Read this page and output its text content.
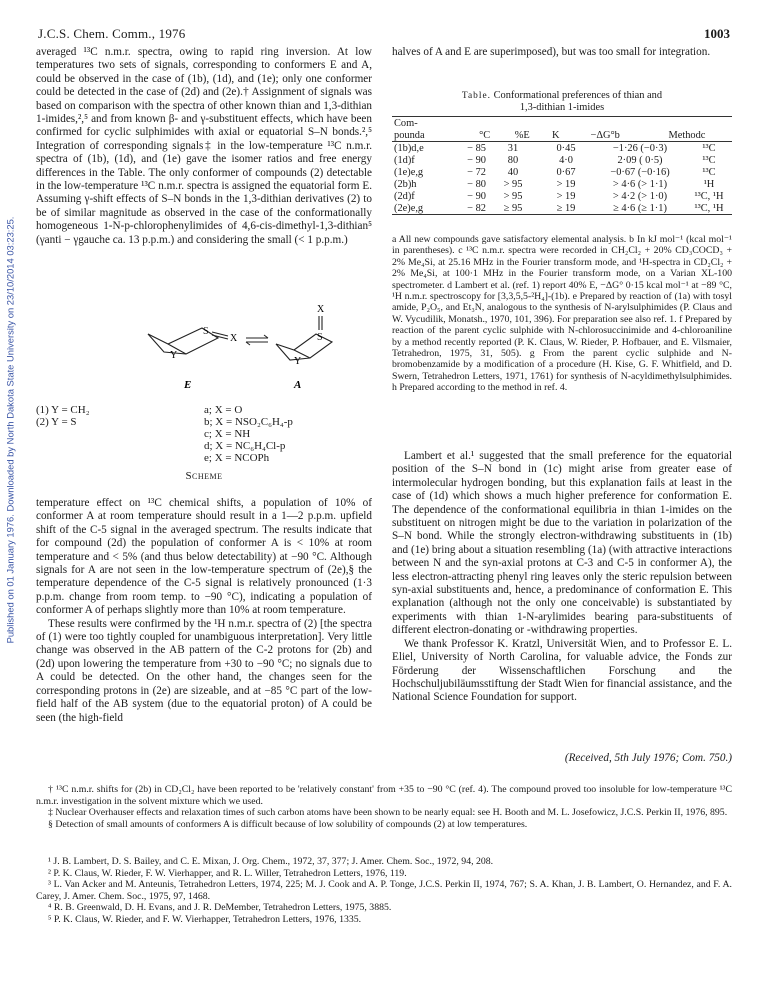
J.C.S. Chem. Comm., 1976	1003
Published on 01 January 1976. Downloaded by North Dakota State University on 23/10/2014 03:23:25.

averaged ¹³C n.m.r. spectra, owing to rapid ring inversion. At low temperatures two sets of signals, corresponding to conformers E and A, could be observed in the case of (1b), (1d), and (1e); only one conformer could be detected in the case of (2d) and (2e).† Assignment of signals was based on comparison with the spectra of other known thian and 1,3-dithian 1-imides,²,⁵ and from known β- and γ-substituent effects, which have been confirmed for cyclic sulphimides with axial or equatorial S–N bonds.²,⁵ Integration of corresponding signals‡ in the low-temperature ¹³C n.m.r. spectra of (1b), (1d), and (1e) gave the isomer ratios and free energy differences in the Table. The only conformer of compounds (2) detectable in the low-temperature ¹³C n.m.r. spectra is assigned the equatorial form E. Assuming γ-shift effects of S–N bonds in the 1,3-dithian derivatives (2) to be of similar magnitude as observed in the case of the conformationally homogeneous 1-N-p-chlorophenylimides of 4,6-cis-dimethyl-1,3-dithian⁵ (γanti − γgauche ca. 13 p.p.m.) and considering the small (< 1 p.p.m.)

Y
S
X
E
X
S
Y
A
(1) Y = CH₂
(2) Y = S
a; X = O
b; X = NSO₂C₆H₄-p
c; X = NH
d; X = NC₆H₄Cl-p
e; X = NCOPh
Scheme

temperature effect on ¹³C chemical shifts, a population of 10% of conformer A at room temperature should result in a 1—2 p.p.m. upfield shift of the C-5 signal in the averaged spectrum. The results indicate that for compound (2d) the population of conformer A is < 10% at room temperature and < 5% (and thus below detectability) at −90 °C. Although signals for A are not seen in the low-temperature spectrum of (2e),§ the temperature dependence of the C-5 signal is relatively pronounced (1·3 p.p.m. change from room temp. to −90 °C), indicating a population of conformer A of perhaps slightly more than 10% at room temperature.

These results were confirmed by the ¹H n.m.r. spectra of (2) [the spectra of (1) were too tightly coupled for unambiguous interpretation]. Very little change was observed in the AB pattern of the C-2 protons for (2b) and (2d) upon lowering the temperature from +30 to −90 °C; no signals due to A could be detected. On the other hand, the changes seen for the corresponding protons in (2e) are sizeable, and at −85 °C part of the low-field half of the AB system (due to the equatorial proton) of A could be seen (the high-field

halves of A and E are superimposed), but was too small for integration.

Table. Conformational preferences of thian and
1,3-dithian 1-imides
Com-					
pounda	°C	%E	K	−ΔG°b	Methodc
(1b)d,e	− 85	31	0·45	−1·26 (−0·3)	¹³C
(1d)f	− 90	80	4·0	2·09 ( 0·5)	¹³C
(1e)e,g	− 72	40	0·67	−0·67 (−0·16)	¹³C
(2b)h	− 80	> 95	> 19	> 4·6 (> 1·1)	¹H
(2d)f	− 90	> 95	> 19	> 4·2 (> 1·0)	¹³C, ¹H
(2e)e,g	− 82	≥ 95	≥ 19	≥ 4·6 (≥ 1·1)	¹³C, ¹H

a All new compounds gave satisfactory elemental analysis. b In kJ mol⁻¹ (kcal mol⁻¹ in parentheses). c ¹³C n.m.r. spectra were recorded in CH₂Cl₂ + 20% CD₃COCD₃ + 2% Me₄Si, at 25.16 MHz in the Fourier transform mode, and ¹H-spectra in CD₂Cl₂ + 2% Me₄Si, at 100·1 MHz in the Fourier transform mode, on a Varian XL-100 spectrometer. d Lambert et al. (ref. 1) report 40% E, −ΔG° 0·15 kcal mol⁻¹ at −89 °C, ¹H n.m.r. spectroscopy for [3,3,5,5-²H₄]-(1b). e Prepared by reaction of (1a) with tosyl amide, P₂O₅, and Et₃N, analogous to the synthesis of N-arylsulphimides (P. Claus and W. Vycudilik, Monatsh., 1970, 101, 396). For preparation see also ref. 1. f Prepared by reaction of the parent cyclic sulphide with N-chlorosuccinimide and 4-chloroaniline by a method recently reported (P. K. Claus, W. Rieder, P. Hofbauer, and E. Vilsmaier, Tetrahedron, 1975, 31, 505). g From the parent cyclic sulphide and N-bromobenzamide by a modification of a procedure (H. Kise, G. F. Whitfield, and D. Swern, Tetrahedron Letters, 1971, 1761) for synthesis of N-acyldimethylsulphimides. h Prepared according to the method in ref. 4.

Lambert et al.¹ suggested that the small preference for the equatorial position of the S–N bond in (1c) might arise from greater ease of intermolecular hydrogen bonding, but this explanation fails at least in the case of (1d) which shows a much higher preference for conformation E. The dependence of the conformational equilibria in thian 1-imides on the substituent on nitrogen might be due to the variation in polarization of the S–N bond. While the strongly electron-withdrawing substituents in (1b) and (1e) bring about a situation resembling (1a) (with attractive interactions between N and the syn-axial protons at C-3 and C-5 in conformer A), the less electron-attracting phenyl ring leaves only the steric repulsion between syn-axial substituents and, hence, a predominance of conformation E. This explanation (although not the only one conceivable) is substantiated by experiments with thian 1-N-arylimides bearing para-substituents of different electron-donating or -withdrawing properties.

We thank Professor K. Kratzl, Universität Wien, and to Professor E. L. Eliel, University of North Carolina, for valuable advice, the Fonds zur Förderung der Wissenschaftlichen Forschung and the Hochschuljubiläumsstiftung der Stadt Wien for financial assistance, and the National Science Foundation for support.

(Received, 5th July 1976; Com. 750.)

† ¹³C n.m.r. shifts for (2b) in CD₂Cl₂ have been reported to be 'relatively constant' from +35 to −90 °C (ref. 4). The compound proved too insoluble for low-temperature ¹³C n.m.r. investigation in the solvent mixture which we used.

‡ Nuclear Overhauser effects and relaxation times of such carbon atoms have been shown to be nearly equal: see H. Booth and M. L. Josefowicz, J.C.S. Perkin II, 1976, 895.

§ Detection of small amounts of conformers A is difficult because of low solubility of compounds (2) at low temperatures.

¹ J. B. Lambert, D. S. Bailey, and C. E. Mixan, J. Org. Chem., 1972, 37, 377; J. Amer. Chem. Soc., 1972, 94, 208.

² P. K. Claus, W. Rieder, F. W. Vierhapper, and R. L. Willer, Tetrahedron Letters, 1976, 119.

³ L. Van Acker and M. Anteunis, Tetrahedron Letters, 1974, 225; M. J. Cook and A. P. Tonge, J.C.S. Perkin II, 1974, 767; S. A. Khan, J. B. Lambert, O. Hernandez, and F. A. Carey, J. Amer. Chem. Soc., 1975, 97, 1468.

⁴ R. B. Greenwald, D. H. Evans, and J. R. DeMember, Tetrahedron Letters, 1975, 3885.

⁵ P. K. Claus, W. Rieder, and F. W. Vierhapper, Tetrahedron Letters, 1976, 1335.
